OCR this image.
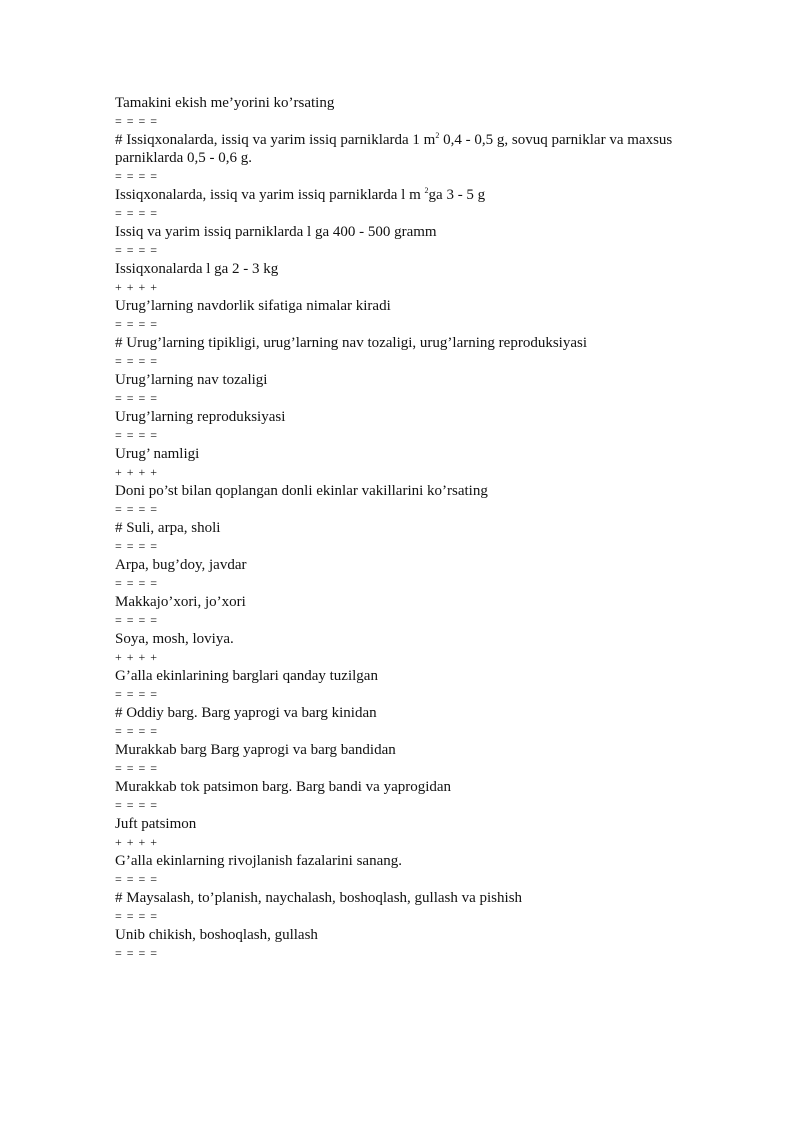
Tamakini ekish me’yorini ko’rsating
= = = =
# Issiqxonalarda, issiq va yarim issiq parniklarda 1 $m^2$ 0,4 - 0,5 g, sovuq parniklar va maxsus parniklarda 0,5 - 0,6 g.
= = = =
Issiqxonalarda, issiq va yarim issiq parniklarda l m $^2$ga 3 - 5 g
= = = =
Issiq va yarim issiq parniklarda l ga 400 - 500 gramm
= = = =
Issiqxonalarda l ga 2 - 3 kg
+ + + +
Urug’larning navdorlik sifatiga nimalar kiradi
= = = =
# Urug’larning tipikligi, urug’larning nav tozaligi, urug’larning reproduksiyasi
= = = =
Urug’larning nav tozaligi
= = = =
Urug’larning reproduksiyasi
= = = =
Urug’ namligi
+ + + +
Doni po’st bilan qoplangan donli ekinlar vakillarini ko’rsating
= = = =
# Suli, arpa, sholi
= = = =
Arpa, bug’doy, javdar
= = = =
Makkajo’xori, jo’xori
= = = =
Soya, mosh, loviya.
+ + + +
G’alla ekinlarining barglari qanday tuzilgan
= = = =
# Oddiy barg. Barg yaprogi va barg kinidan
= = = =
Murakkab barg Barg yaprogi va barg bandidan
= = = =
Murakkab tok patsimon barg. Barg bandi va yaprogidan
= = = =
Juft patsimon
+ + + +
G’alla ekinlarning rivojlanish fazalarini sanang.
= = = =
# Maysalash, to’planish, naychalash, boshoqlash, gullash va pishish
= = = =
Unib chikish, boshoqlash, gullash
= = = =
